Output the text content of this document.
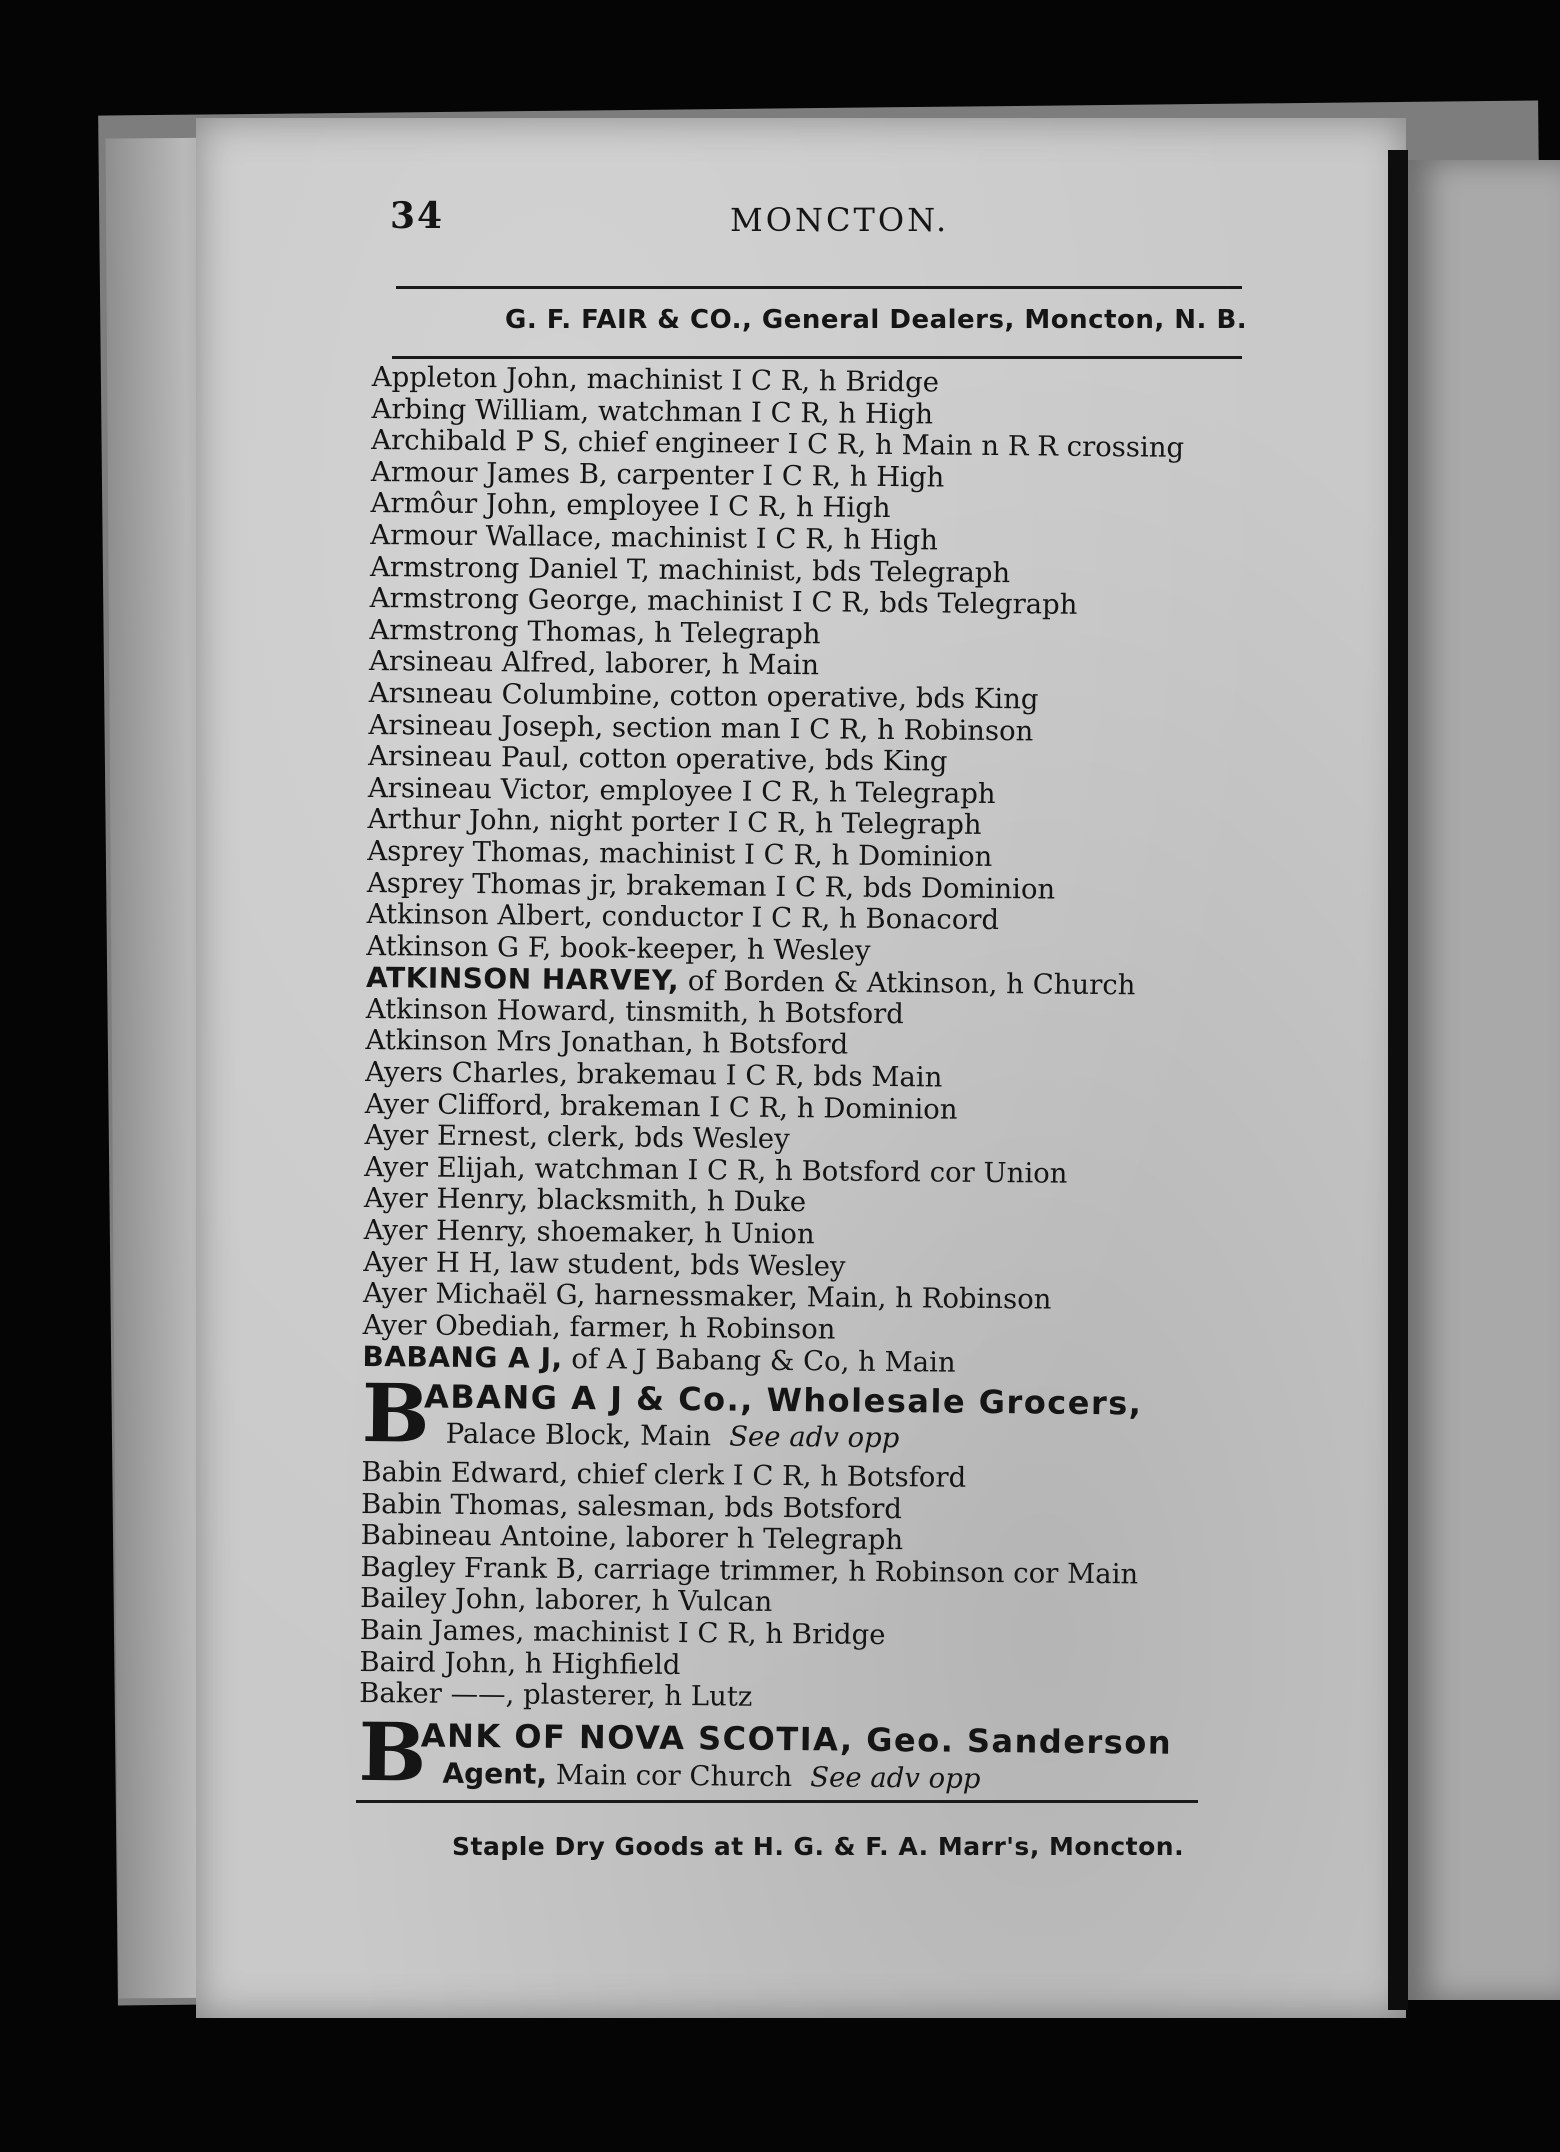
34	MONCTON.
G. F. FAIR & CO., General Dealers, Moncton, N. B.
Appleton John, machinist I C R, h Bridge
Arbing William, watchman I C R, h High
Archibald P S, chief engineer I C R, h Main n R R crossing
Armour James B, carpenter I C R, h High
Armôur John, employee I C R, h High
Armour Wallace, machinist I C R, h High
Armstrong Daniel T, machinist, bds Telegraph
Armstrong George, machinist I C R, bds Telegraph
Armstrong Thomas, h Telegraph
Arsineau Alfred, laborer, h Main
Arsıneau Columbine, cotton operative, bds King
Arsineau Joseph, section man I C R, h Robinson
Arsineau Paul, cotton operative, bds King
Arsineau Victor, employee I C R, h Telegraph
Arthur John, night porter I C R, h Telegraph
Asprey Thomas, machinist I C R, h Dominion
Asprey Thomas jr, brakeman I C R, bds Dominion
Atkinson Albert, conductor I C R, h Bonacord
Atkinson G F, book-keeper, h Wesley
ATKINSON HARVEY, of Borden & Atkinson, h Church
Atkinson Howard, tinsmith, h Botsford
Atkinson Mrs Jonathan, h Botsford
Ayers Charles, brakemau I C R, bds Main
Ayer Clifford, brakeman I C R, h Dominion
Ayer Ernest, clerk, bds Wesley
Ayer Elijah, watchman I C R, h Botsford cor Union
Ayer Henry, blacksmith, h Duke
Ayer Henry, shoemaker, h Union
Ayer H H, law student, bds Wesley
Ayer Michaël G, harnessmaker, Main, h Robinson
Ayer Obediah, farmer, h Robinson
BABANG A J, of A J Babang & Co, h Main
B
ABANG A J & Co., Wholesale Grocers,
Palace Block, Main See adv opp
Babin Edward, chief clerk I C R, h Botsford
Babin Thomas, salesman, bds Botsford
Babineau Antoine, laborer h Telegraph
Bagley Frank B, carriage trimmer, h Robinson cor Main
Bailey John, laborer, h Vulcan
Bain James, machinist I C R, h Bridge
Baird John, h Highfield
Baker ——, plasterer, h Lutz
B
ANK OF NOVA SCOTIA, Geo. Sanderson
Agent, Main cor Church See adv opp
Staple Dry Goods at H. G. & F. A. Marr's, Moncton.
